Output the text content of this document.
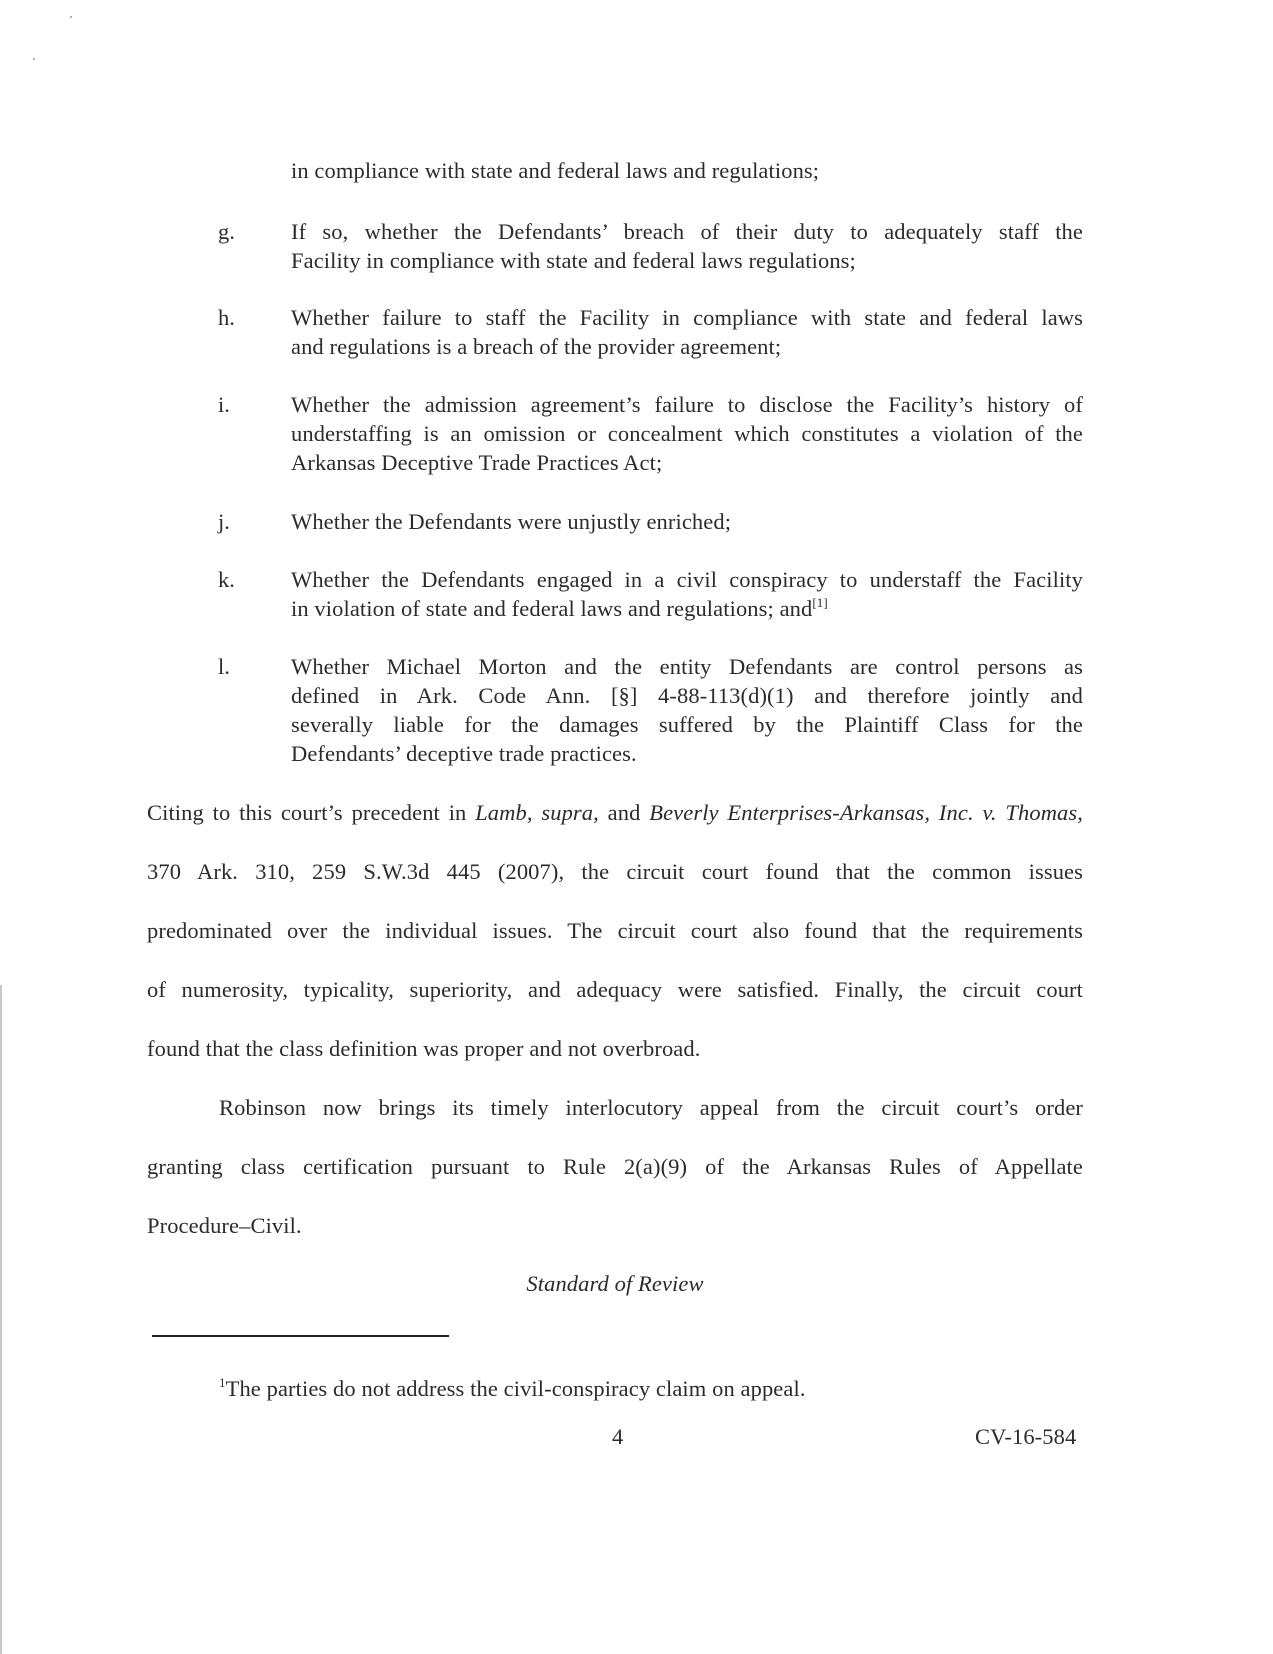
in compliance with state and federal laws and regulations;
g. If so, whether the Defendants’ breach of their duty to adequately staff the
Facility in compliance with state and federal laws regulations;
h. Whether failure to staff the Facility in compliance with state and federal laws
and regulations is a breach of the provider agreement;
i.	Whether the admission agreement’s failure to disclose the Facility’s history of
understaffing is an omission or concealment which constitutes a violation of the
Arkansas Deceptive Trade Practices Act;
j.	Whether the Defendants were unjustly enriched;
k. Whether the Defendants engaged in a civil conspiracy to understaff the Facility
in violation of state and federal laws and regulations; and[1]
l.	Whether Michael Morton and the entity Defendants are control persons as
defined in Ark. Code Ann. [§] 4-88-113(d)(1) and therefore jointly and
severally liable for the damages suffered by the Plaintiff Class for the
Defendants’ deceptive trade practices.
Citing to this court’s precedent in Lamb, supra, and Beverly Enterprises-Arkansas, Inc. v. Thomas,
370 Ark. 310, 259 S.W.3d 445 (2007), the circuit court found that the common issues
predominated over the individual issues. The circuit court also found that the requirements
of numerosity, typicality, superiority, and adequacy were satisfied. Finally, the circuit court
found that the class definition was proper and not overbroad.
Robinson now brings its timely interlocutory appeal from the circuit court’s order
granting class certification pursuant to Rule 2(a)(9) of the Arkansas Rules of Appellate
Procedure–Civil.
Standard of Review
$^1$The parties do not address the civil-conspiracy claim on appeal.
4	CV-16-584
